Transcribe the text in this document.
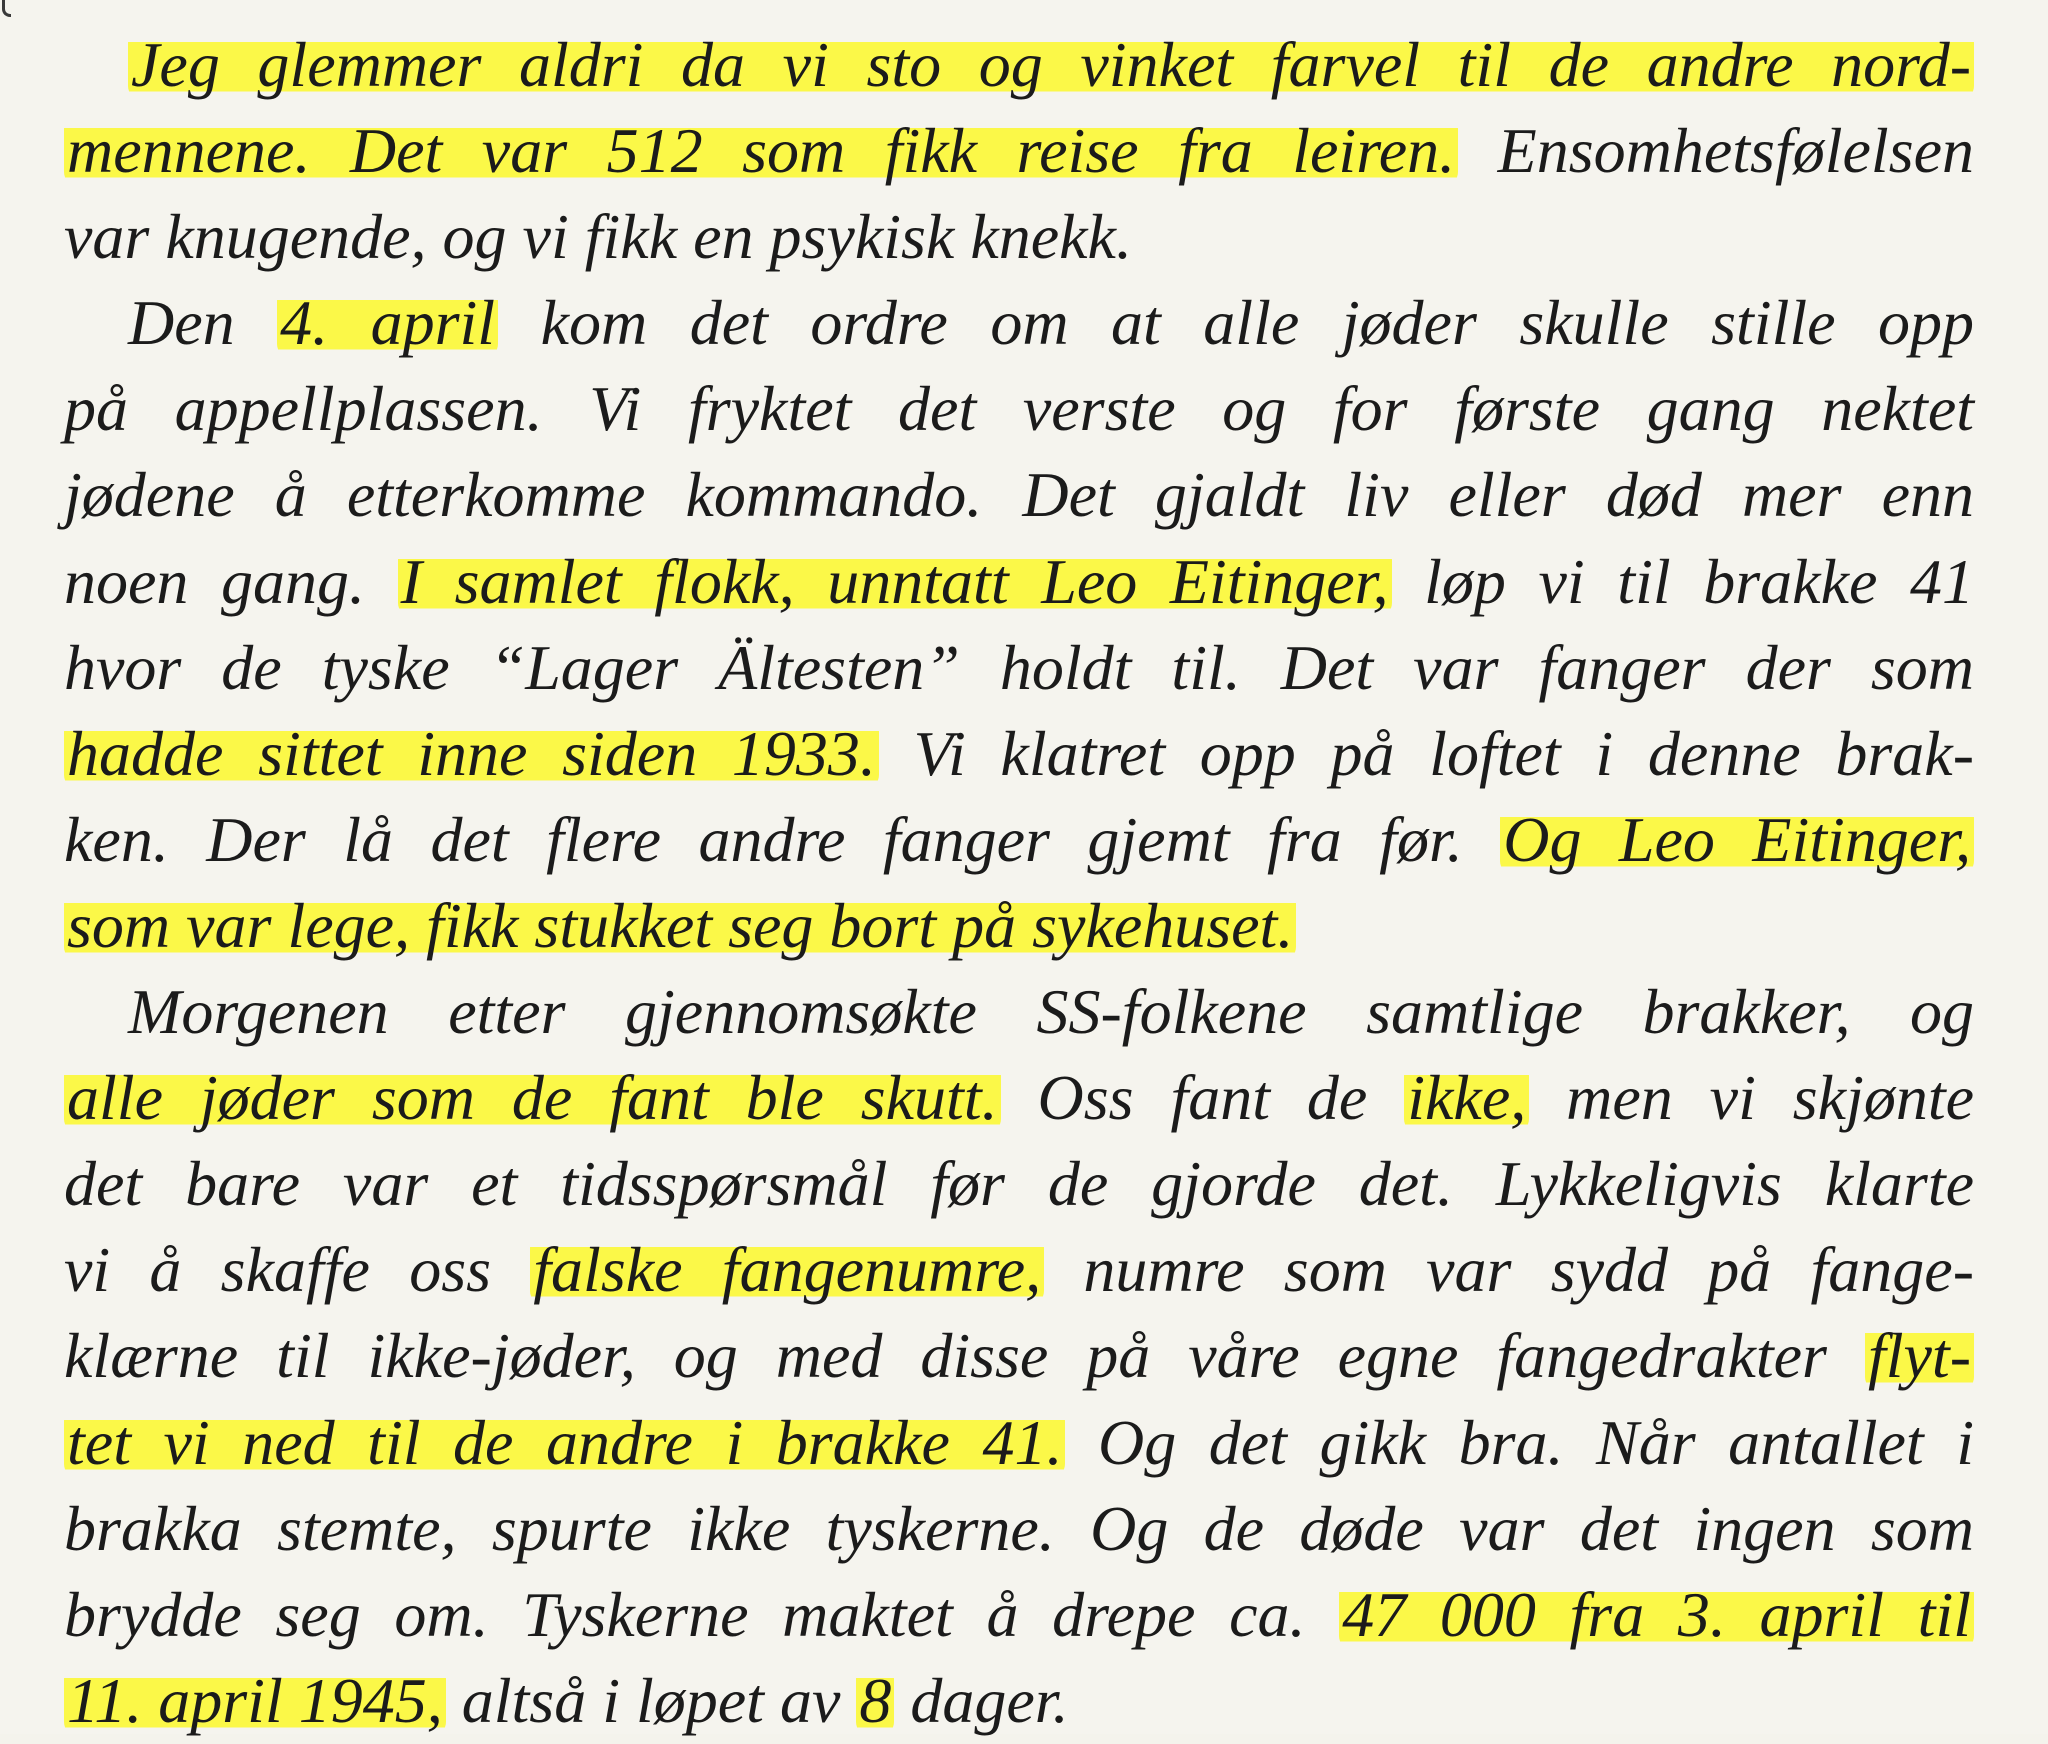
Jeg glemmer aldri da vi sto og vinket farvel til de andre nord-
mennene. Det var 512 som fikk reise fra leiren. Ensomhetsfølelsen
var knugende, og vi fikk en psykisk knekk.
Den 4. april kom det ordre om at alle jøder skulle stille opp
på appellplassen. Vi fryktet det verste og for første gang nektet
jødene å etterkomme kommando. Det gjaldt liv eller død mer enn
noen gang. I samlet flokk, unntatt Leo Eitinger, løp vi til brakke 41
hvor de tyske “Lager Ältesten” holdt til. Det var fanger der som
hadde sittet inne siden 1933. Vi klatret opp på loftet i denne brak-
ken. Der lå det flere andre fanger gjemt fra før. Og Leo Eitinger,
som var lege, fikk stukket seg bort på sykehuset.
Morgenen etter gjennomsøkte SS-folkene samtlige brakker, og
alle jøder som de fant ble skutt. Oss fant de ikke, men vi skjønte
det bare var et tidsspørsmål før de gjorde det. Lykkeligvis klarte
vi å skaffe oss falske fangenumre, numre som var sydd på fange-
klærne til ikke-jøder, og med disse på våre egne fangedrakter flyt-
tet vi ned til de andre i brakke 41. Og det gikk bra. Når antallet i
brakka stemte, spurte ikke tyskerne. Og de døde var det ingen som
brydde seg om. Tyskerne maktet å drepe ca. 47 000 fra 3. april til
11. april 1945, altså i løpet av 8 dager.
